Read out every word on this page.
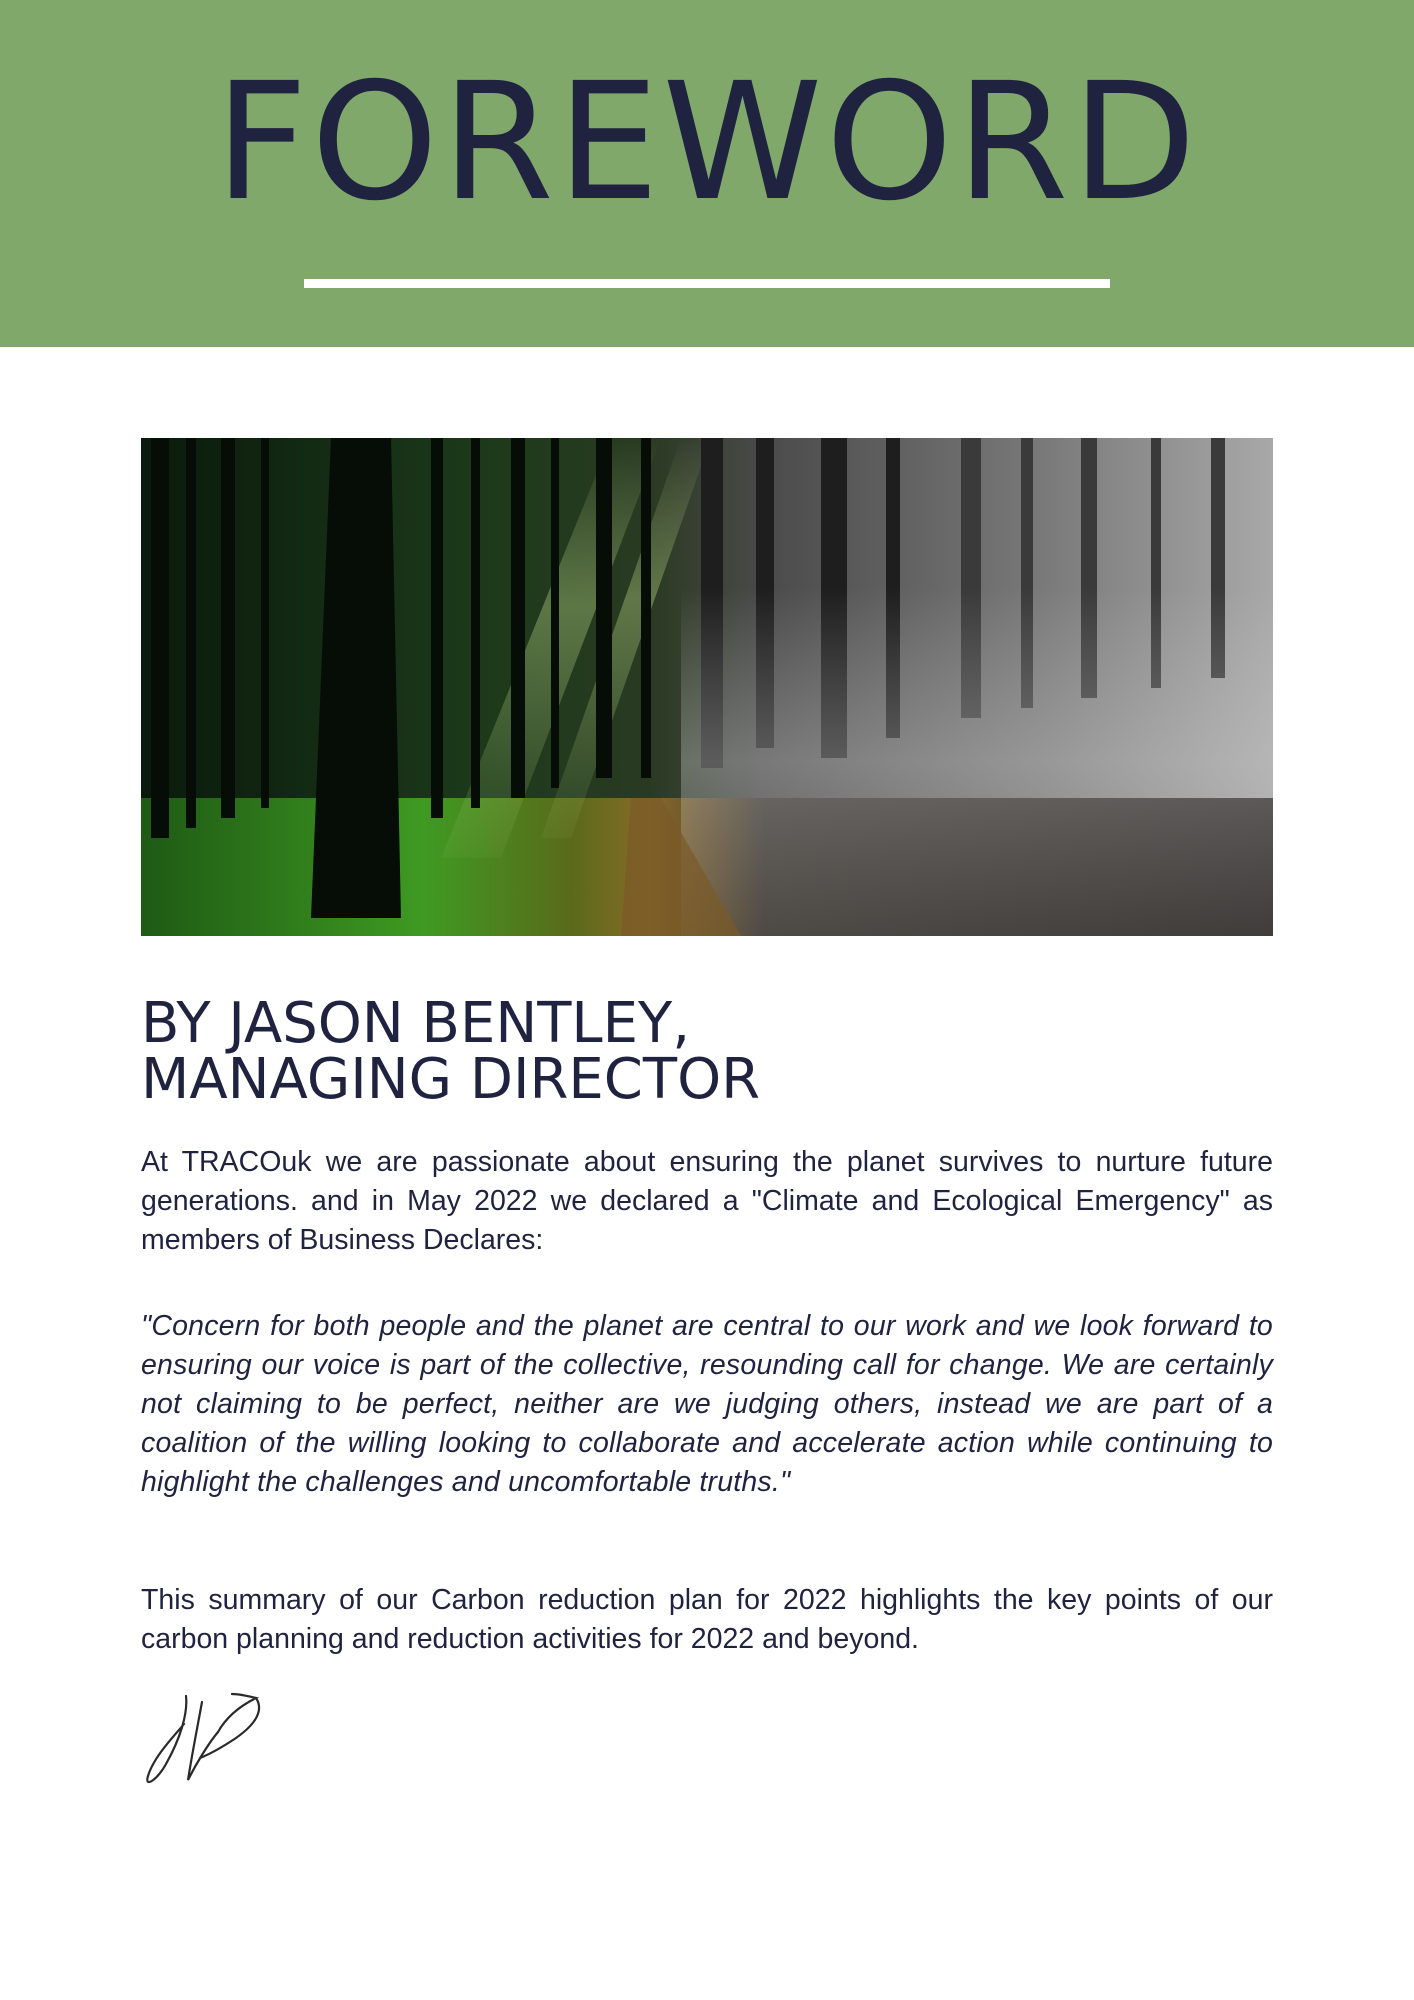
FOREWORD
BY JASON BENTLEY,
MANAGING DIRECTOR

At TRACOuk we are passionate about ensuring the planet survives to nurture future generations. and in May 2022 we declared a "Climate and Ecological Emergency" as members of Business Declares:

"Concern for both people and the planet are central to our work and we look forward to ensuring our voice is part of the collective, resounding call for change. We are certainly not claiming to be perfect, neither are we judging others, instead we are part of a coalition of the willing looking to collaborate and accelerate action while continuing to highlight the challenges and uncomfortable truths."

This summary of our Carbon reduction plan for 2022 highlights the key points of our carbon planning and reduction activities for 2022 and beyond.
